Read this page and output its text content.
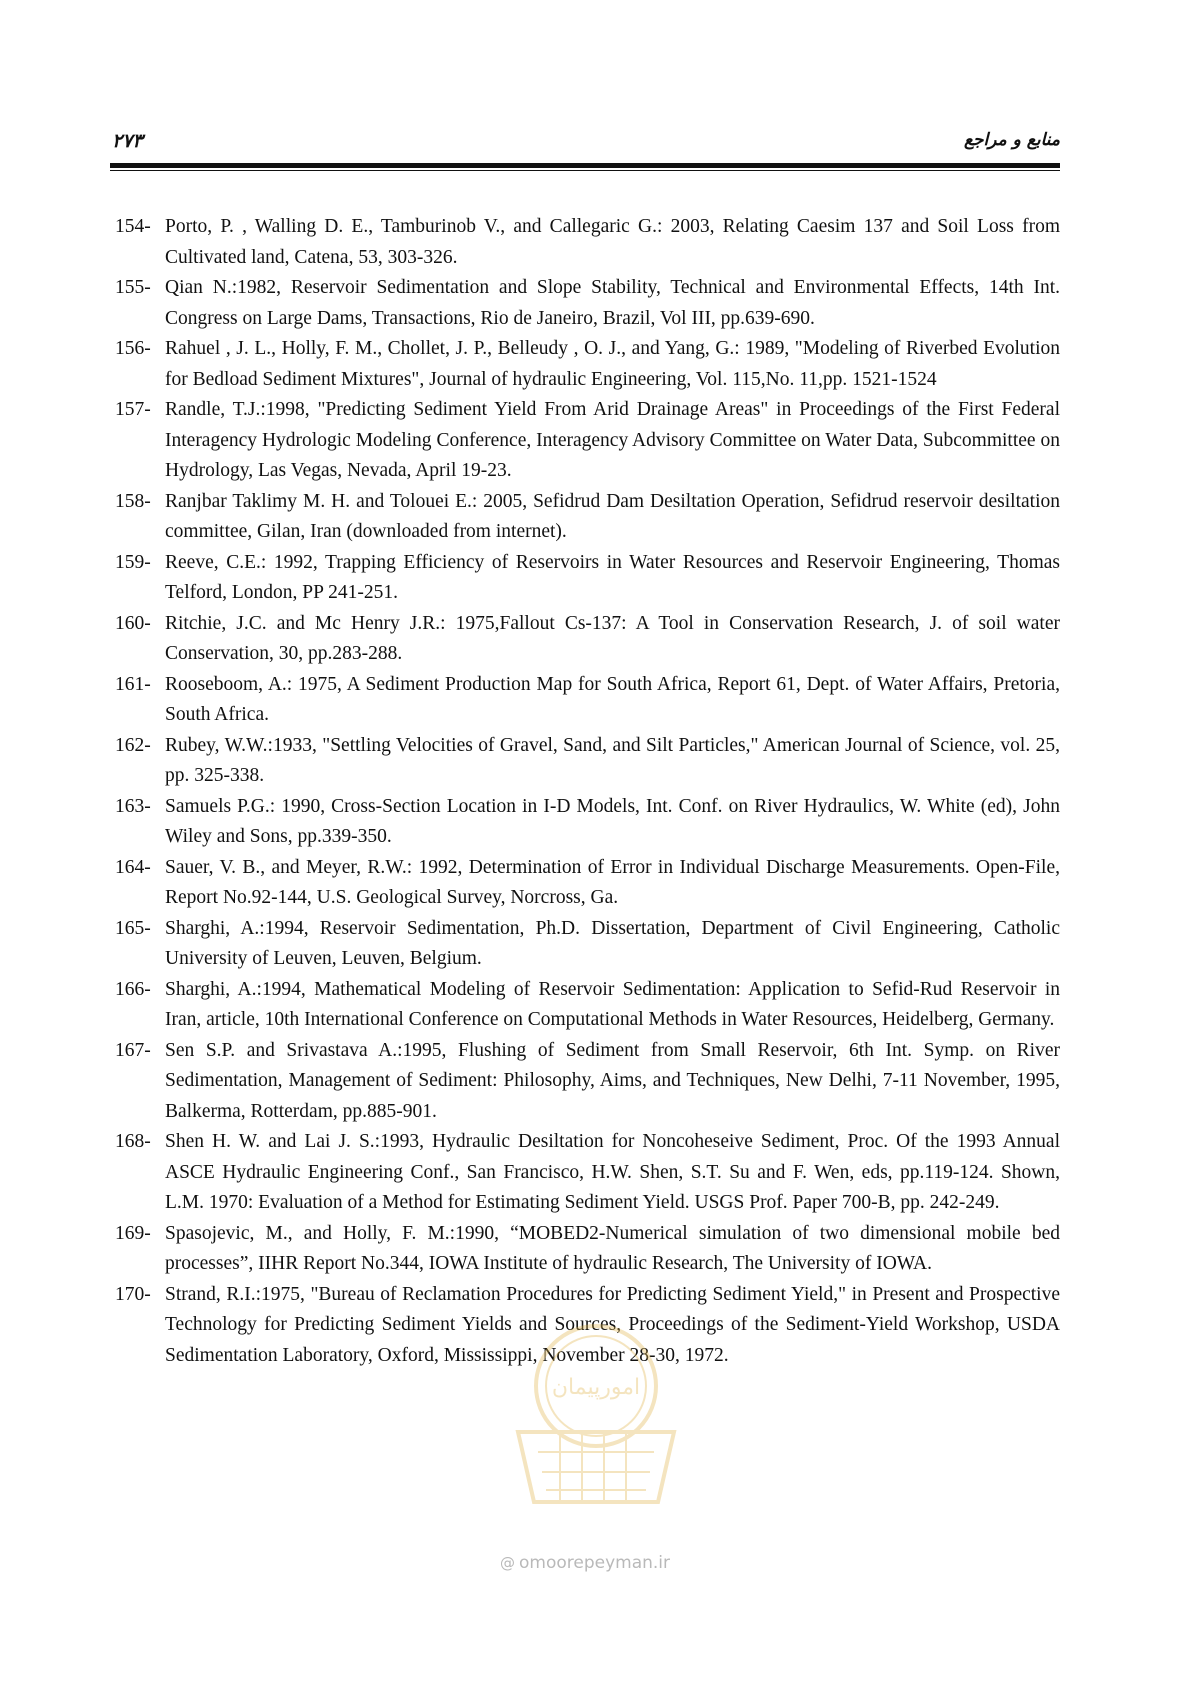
۲۷۳	منابع و مراجع
154- Porto, P. , Walling D. E., Tamburinob V., and Callegaric G.: 2003, Relating Caesim 137 and Soil Loss from Cultivated land, Catena, 53, 303-326.
155- Qian N.:1982, Reservoir Sedimentation and Slope Stability, Technical and Environmental Effects, 14th Int. Congress on Large Dams, Transactions, Rio de Janeiro, Brazil, Vol III, pp.639-690.
156- Rahuel , J. L., Holly, F. M., Chollet, J. P., Belleudy , O. J., and Yang, G.: 1989, "Modeling of Riverbed Evolution for Bedload Sediment Mixtures", Journal of hydraulic Engineering, Vol. 115,No. 11,pp. 1521-1524
157- Randle, T.J.:1998, "Predicting Sediment Yield From Arid Drainage Areas" in Proceedings of the First Federal Interagency Hydrologic Modeling Conference, Interagency Advisory Committee on Water Data, Subcommittee on Hydrology, Las Vegas, Nevada, April 19-23.
158- Ranjbar Taklimy M. H. and Tolouei E.: 2005, Sefidrud Dam Desiltation Operation, Sefidrud reservoir desiltation committee, Gilan, Iran (downloaded from internet).
159- Reeve, C.E.: 1992, Trapping Efficiency of Reservoirs in Water Resources and Reservoir Engineering, Thomas Telford, London, PP 241-251.
160- Ritchie, J.C. and Mc Henry J.R.: 1975,Fallout Cs-137: A Tool in Conservation Research, J. of soil water Conservation, 30, pp.283-288.
161- Rooseboom, A.: 1975, A Sediment Production Map for South Africa, Report 61, Dept. of Water Affairs, Pretoria, South Africa.
162- Rubey, W.W.:1933, "Settling Velocities of Gravel, Sand, and Silt Particles," American Journal of Science, vol. 25, pp. 325-338.
163- Samuels P.G.: 1990, Cross-Section Location in I-D Models, Int. Conf. on River Hydraulics, W. White (ed), John Wiley and Sons, pp.339-350.
164- Sauer, V. B., and Meyer, R.W.: 1992, Determination of Error in Individual Discharge Measurements. Open-File, Report No.92-144, U.S. Geological Survey, Norcross, Ga.
165- Sharghi, A.:1994, Reservoir Sedimentation, Ph.D. Dissertation, Department of Civil Engineering, Catholic University of Leuven, Leuven, Belgium.
166- Sharghi, A.:1994, Mathematical Modeling of Reservoir Sedimentation: Application to Sefid-Rud Reservoir in Iran, article, 10th International Conference on Computational Methods in Water Resources, Heidelberg, Germany.
167- Sen S.P. and Srivastava A.:1995, Flushing of Sediment from Small Reservoir, 6th Int. Symp. on River Sedimentation, Management of Sediment: Philosophy, Aims, and Techniques, New Delhi, 7-11 November, 1995, Balkerma, Rotterdam, pp.885-901.
168- Shen H. W. and Lai J. S.:1993, Hydraulic Desiltation for Noncoheseive Sediment, Proc. Of the 1993 Annual ASCE Hydraulic Engineering Conf., San Francisco, H.W. Shen, S.T. Su and F. Wen, eds, pp.119-124. Shown, L.M. 1970: Evaluation of a Method for Estimating Sediment Yield. USGS Prof. Paper 700-B, pp. 242-249.
169- Spasojevic, M., and Holly, F. M.:1990, “MOBED2-Numerical simulation of two dimensional mobile bed processes”, IIHR Report No.344, IOWA Institute of hydraulic Research, The University of IOWA.
170- Strand, R.I.:1975, "Bureau of Reclamation Procedures for Predicting Sediment Yield," in Present and Prospective Technology for Predicting Sediment Yields and Sources, Proceedings of the Sediment-Yield Workshop, USDA Sedimentation Laboratory, Oxford, Mississippi, November 28-30, 1972.
امورپیمان
@ omoorepeyman.ir
